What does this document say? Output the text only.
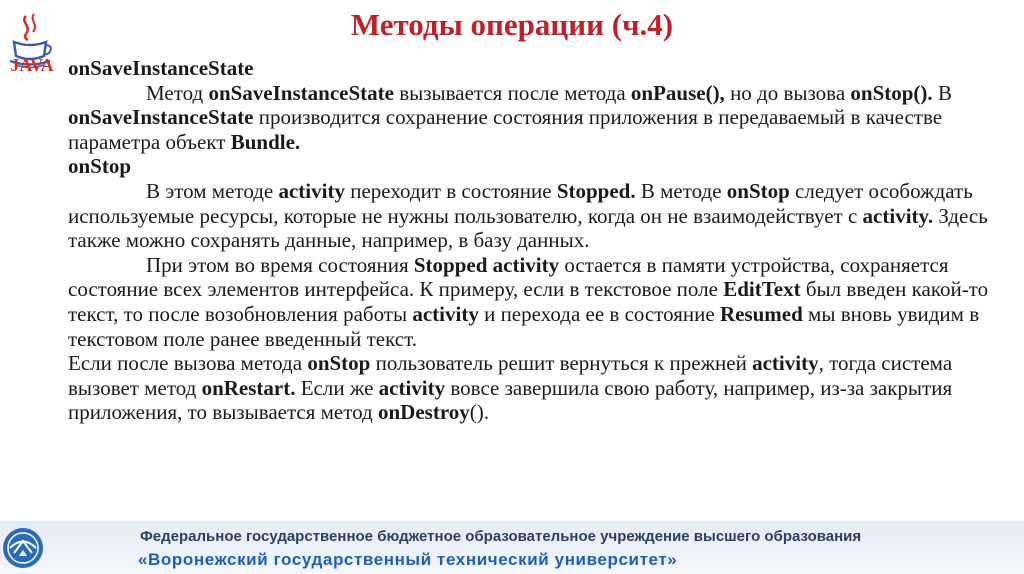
JAVA
Методы операции (ч.4)

onSaveInstanceState

Метод onSaveInstanceState вызывается после метода onPause(), но до вызова onStop(). В onSaveInstanceState производится сохранение состояния приложения в передаваемый в качестве параметра объект Bundle.

onStop

В этом методе activity переходит в состояние Stopped. В методе onStop следует особождать используемые ресурсы, которые не нужны пользователю, когда он не взаимодействует с activity. Здесь также можно сохранять данные, например, в базу данных.

При этом во время состояния Stopped activity остается в памяти устройства, сохраняется состояние всех элементов интерфейса. К примеру, если в текстовое поле EditText был введен какой-то текст, то после возобновления работы activity и перехода ее в состояние Resumed мы вновь увидим в текстовом поле ранее введенный текст.

Если после вызова метода onStop пользователь решит вернуться к прежней activity, тогда система вызовет метод onRestart. Если же activity вовсе завершила свою работу, например, из-за закрытия приложения, то вызывается метод onDestroy().

Федеральное государственное бюджетное образовательное учреждение высшего образования
«Воронежский государственный технический университет»
